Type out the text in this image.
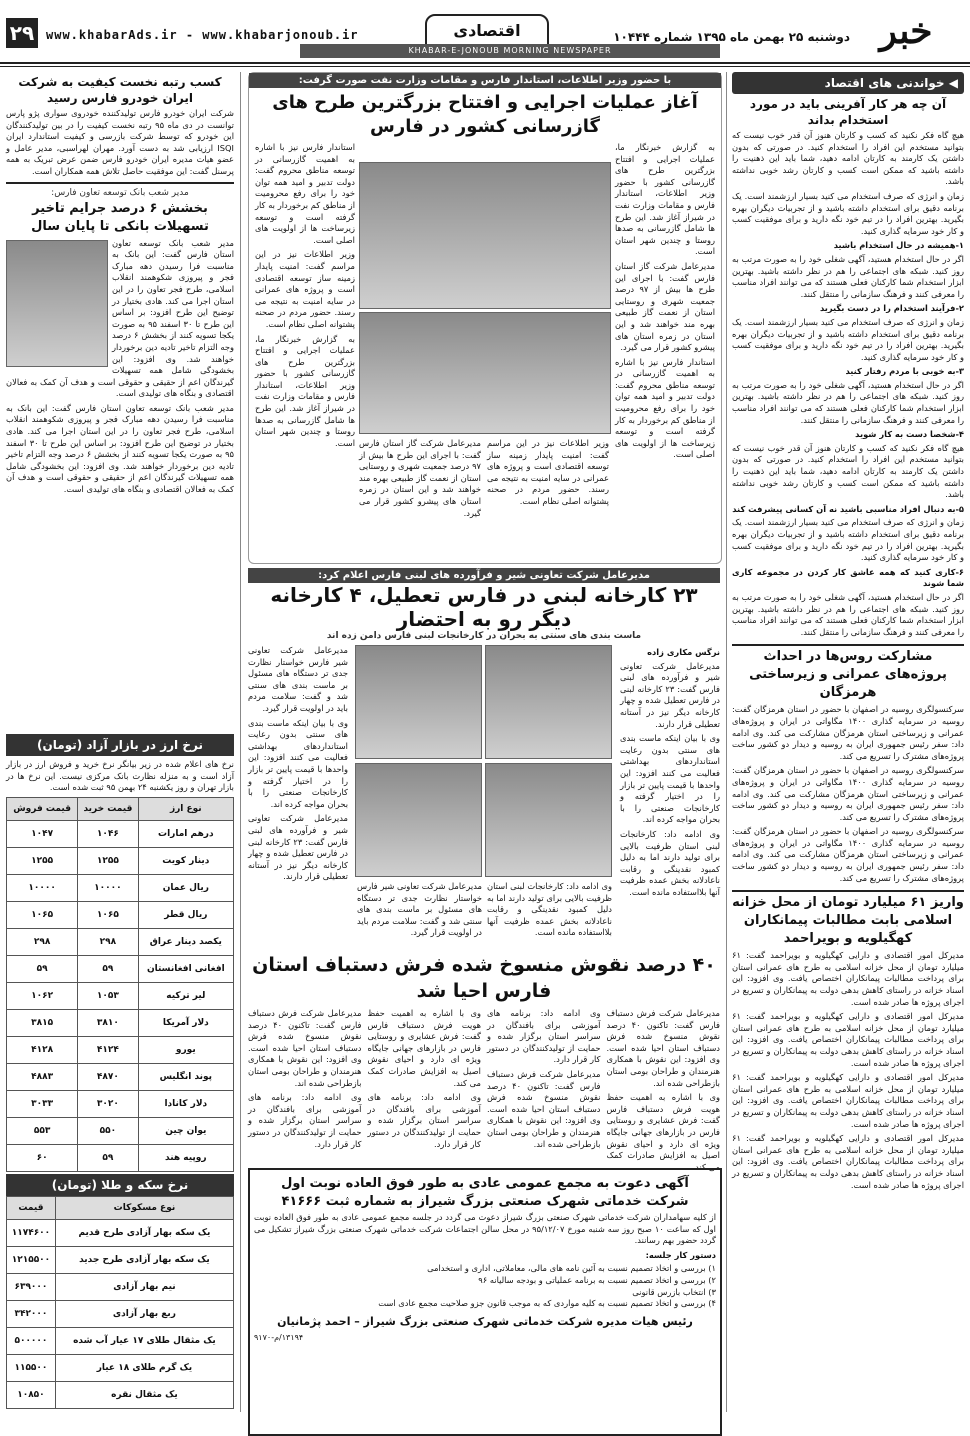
۲۹ www.khabarAds.ir - www.khabarjonoub.ir	اقتصادی
KHABAR-E-JONOUB MORNING NEWSPAPER
دوشنبه ۲۵ بهمن ماه ۱۳۹۵ شماره ۱۰۴۴۴ خبر
◀ خواندنی های اقتصاد
آن چه هر کار آفرینی باید در مورد استخدام بداند

هیچ گاه فکر نکنید که کسب و کارتان هنوز آن قدر خوب نیست که بتوانید مستخدم این افراد را استخدام کنید. در صورتی که بدون داشتن یک کارمند به کارتان ادامه دهید، شما باید این ذهنیت را داشته باشید که ممکن است کسب و کارتان رشد خوبی نداشته باشد.

زمان و انرژی که صرف استخدام می کنید بسیار ارزشمند است. یک برنامه دقیق برای استخدام داشته باشید و از تجربیات دیگران بهره بگیرید. بهترین افراد را در تیم خود نگه دارید و برای موفقیت کسب و کار خود سرمایه گذاری کنید.

۱-همیشه در حال استخدام باشید

اگر در حال استخدام هستید، آگهی شغلی خود را به صورت مرتب به روز کنید. شبکه های اجتماعی را هم در نظر داشته باشید. بهترین ابزار استخدام شما کارکنان فعلی هستند که می توانند افراد مناسب را معرفی کنند و فرهنگ سازمانی را منتقل کنند.

۲-فرآیند استخدام را در دست بگیرید

زمان و انرژی که صرف استخدام می کنید بسیار ارزشمند است. یک برنامه دقیق برای استخدام داشته باشید و از تجربیات دیگران بهره بگیرید. بهترین افراد را در تیم خود نگه دارید و برای موفقیت کسب و کار خود سرمایه گذاری کنید.

۳-به خوبی با مردم رفتار کنید

اگر در حال استخدام هستید، آگهی شغلی خود را به صورت مرتب به روز کنید. شبکه های اجتماعی را هم در نظر داشته باشید. بهترین ابزار استخدام شما کارکنان فعلی هستند که می توانند افراد مناسب را معرفی کنند و فرهنگ سازمانی را منتقل کنند.

۴-شخصا دست به کار شوید

هیچ گاه فکر نکنید که کسب و کارتان هنوز آن قدر خوب نیست که بتوانید مستخدم این افراد را استخدام کنید. در صورتی که بدون داشتن یک کارمند به کارتان ادامه دهید، شما باید این ذهنیت را داشته باشید که ممکن است کسب و کارتان رشد خوبی نداشته باشد.

۵-به دنبال افراد مناسبی باشید نه آن کسانی پیشرفت کند

زمان و انرژی که صرف استخدام می کنید بسیار ارزشمند است. یک برنامه دقیق برای استخدام داشته باشید و از تجربیات دیگران بهره بگیرید. بهترین افراد را در تیم خود نگه دارید و برای موفقیت کسب و کار خود سرمایه گذاری کنید.

۶-کاری کنید که همه عاشق کار کردن در مجموعه کاری شما شوند

اگر در حال استخدام هستید، آگهی شغلی خود را به صورت مرتب به روز کنید. شبکه های اجتماعی را هم در نظر داشته باشید. بهترین ابزار استخدام شما کارکنان فعلی هستند که می توانند افراد مناسب را معرفی کنند و فرهنگ سازمانی را منتقل کنند.

مشارکت روس‌ها در احداث پروژه‌های عمرانی و زیرساختی هرمزگان

سرکنسولگری روسیه در اصفهان با حضور در استان هرمزگان گفت: روسیه در سرمایه گذاری ۱۴۰۰ مگاواتی در ایران و پروژه‌های عمرانی و زیرساختی استان هرمزگان مشارکت می کند. وی ادامه داد: سفر رئیس جمهوری ایران به روسیه و دیدار دو کشور ساخت پروژه‌های مشترک را تسریع می کند.

سرکنسولگری روسیه در اصفهان با حضور در استان هرمزگان گفت: روسیه در سرمایه گذاری ۱۴۰۰ مگاواتی در ایران و پروژه‌های عمرانی و زیرساختی استان هرمزگان مشارکت می کند. وی ادامه داد: سفر رئیس جمهوری ایران به روسیه و دیدار دو کشور ساخت پروژه‌های مشترک را تسریع می کند.

سرکنسولگری روسیه در اصفهان با حضور در استان هرمزگان گفت: روسیه در سرمایه گذاری ۱۴۰۰ مگاواتی در ایران و پروژه‌های عمرانی و زیرساختی استان هرمزگان مشارکت می کند. وی ادامه داد: سفر رئیس جمهوری ایران به روسیه و دیدار دو کشور ساخت پروژه‌های مشترک را تسریع می کند.

واریز ۶۱ میلیارد تومان از محل خزانه اسلامی بابت مطالبات پیمانکاران کهگیلویه و بویراحمد

مدیرکل امور اقتصادی و دارایی کهگیلویه و بویراحمد گفت: ۶۱ میلیارد تومان از محل خزانه اسلامی به طرح های عمرانی استان برای پرداخت مطالبات پیمانکاران اختصاص یافت. وی افزود: این اسناد خزانه در راستای کاهش بدهی دولت به پیمانکاران و تسریع در اجرای پروژه ها صادر شده است.

مدیرکل امور اقتصادی و دارایی کهگیلویه و بویراحمد گفت: ۶۱ میلیارد تومان از محل خزانه اسلامی به طرح های عمرانی استان برای پرداخت مطالبات پیمانکاران اختصاص یافت. وی افزود: این اسناد خزانه در راستای کاهش بدهی دولت به پیمانکاران و تسریع در اجرای پروژه ها صادر شده است.

مدیرکل امور اقتصادی و دارایی کهگیلویه و بویراحمد گفت: ۶۱ میلیارد تومان از محل خزانه اسلامی به طرح های عمرانی استان برای پرداخت مطالبات پیمانکاران اختصاص یافت. وی افزود: این اسناد خزانه در راستای کاهش بدهی دولت به پیمانکاران و تسریع در اجرای پروژه ها صادر شده است.

مدیرکل امور اقتصادی و دارایی کهگیلویه و بویراحمد گفت: ۶۱ میلیارد تومان از محل خزانه اسلامی به طرح های عمرانی استان برای پرداخت مطالبات پیمانکاران اختصاص یافت. وی افزود: این اسناد خزانه در راستای کاهش بدهی دولت به پیمانکاران و تسریع در اجرای پروژه ها صادر شده است.

با حضور وزیر اطلاعات، استاندار فارس و مقامات وزارت نفت صورت گرفت:
آغاز عملیات اجرایی و افتتاح بزرگترین طرح های گازرسانی کشور در فارس

به گزارش خبرنگار ما، عملیات اجرایی و افتتاح بزرگترین طرح های گازرسانی کشور با حضور وزیر اطلاعات، استاندار فارس و مقامات وزارت نفت در شیراز آغاز شد. این طرح ها شامل گازرسانی به صدها روستا و چندین شهر استان است.

مدیرعامل شرکت گاز استان فارس گفت: با اجرای این طرح ها بیش از ۹۷ درصد جمعیت شهری و روستایی استان از نعمت گاز طبیعی بهره مند خواهند شد و این استان در زمره استان های پیشرو کشور قرار می گیرد.

استاندار فارس نیز با اشاره به اهمیت گازرسانی در توسعه مناطق محروم گفت: دولت تدبیر و امید همه توان خود را برای رفع محرومیت از مناطق کم برخوردار به کار گرفته است و توسعه زیرساخت ها از اولویت های اصلی است.

استاندار فارس نیز با اشاره به اهمیت گازرسانی در توسعه مناطق محروم گفت: دولت تدبیر و امید همه توان خود را برای رفع محرومیت از مناطق کم برخوردار به کار گرفته است و توسعه زیرساخت ها از اولویت های اصلی است.

وزیر اطلاعات نیز در این مراسم گفت: امنیت پایدار زمینه ساز توسعه اقتصادی است و پروژه های عمرانی در سایه امنیت به نتیجه می رسند. حضور مردم در صحنه پشتوانه اصلی نظام است.

به گزارش خبرنگار ما، عملیات اجرایی و افتتاح بزرگترین طرح های گازرسانی کشور با حضور وزیر اطلاعات، استاندار فارس و مقامات وزارت نفت در شیراز آغاز شد. این طرح ها شامل گازرسانی به صدها روستا و چندین شهر استان است. مدیرعامل شرکت گاز استان فارس گفت: با اجرای این طرح ها بیش از ۹۷ درصد جمعیت شهری و روستایی استان از نعمت گاز طبیعی بهره مند خواهند شد و این استان در زمره استان های پیشرو کشور قرار می گیرد.

وزیر اطلاعات نیز در این مراسم گفت: امنیت پایدار زمینه ساز توسعه اقتصادی است و پروژه های عمرانی در سایه امنیت به نتیجه می رسند. حضور مردم در صحنه پشتوانه اصلی نظام است.

مدیرعامل شرکت تعاونی شیر و فرآورده های لبنی فارس اعلام کرد:
۲۳ کارخانه لبنی در فارس تعطیل، ۴ کارخانه دیگر رو به احتضار
ماست بندی های سنتی به بحران در کارخانجات لبنی فارس دامن زده اند
نرگس مکاری زاده

مدیرعامل شرکت تعاونی شیر و فرآورده های لبنی فارس گفت: ۲۳ کارخانه لبنی در فارس تعطیل شده و چهار کارخانه دیگر نیز در آستانه تعطیلی قرار دارند.

وی با بیان اینکه ماست بندی های سنتی بدون رعایت استانداردهای بهداشتی فعالیت می کنند افزود: این واحدها با قیمت پایین تر بازار را در اختیار گرفته و کارخانجات صنعتی را با بحران مواجه کرده اند.

وی ادامه داد: کارخانجات لبنی استان ظرفیت بالایی برای تولید دارند اما به دلیل کمبود نقدینگی و رقابت ناعادلانه بخش عمده ظرفیت آنها بلااستفاده مانده است.

مدیرعامل شرکت تعاونی شیر فارس خواستار نظارت جدی تر دستگاه های مسئول بر ماست بندی های سنتی شد و گفت: سلامت مردم باید در اولویت قرار گیرد.

وی با بیان اینکه ماست بندی های سنتی بدون رعایت استانداردهای بهداشتی فعالیت می کنند افزود: این واحدها با قیمت پایین تر بازار را در اختیار گرفته و کارخانجات صنعتی را با بحران مواجه کرده اند.

مدیرعامل شرکت تعاونی شیر و فرآورده های لبنی فارس گفت: ۲۳ کارخانه لبنی در فارس تعطیل شده و چهار کارخانه دیگر نیز در آستانه تعطیلی قرار دارند.

وی ادامه داد: کارخانجات لبنی استان ظرفیت بالایی برای تولید دارند اما به دلیل کمبود نقدینگی و رقابت ناعادلانه بخش عمده ظرفیت آنها بلااستفاده مانده است.

مدیرعامل شرکت تعاونی شیر فارس خواستار نظارت جدی تر دستگاه های مسئول بر ماست بندی های سنتی شد و گفت: سلامت مردم باید در اولویت قرار گیرد.

۴۰ درصد نقوش منسوخ شده فرش دستباف استان فارس احیا شد

مدیرعامل شرکت فرش دستباف فارس گفت: تاکنون ۴۰ درصد نقوش منسوخ شده فرش دستباف استان احیا شده است. وی افزود: این نقوش با همکاری هنرمندان و طراحان بومی استان بازطراحی شده اند.

وی با اشاره به اهمیت حفظ هویت فرش دستباف فارس گفت: فرش عشایری و روستایی فارس در بازارهای جهانی جایگاه ویژه ای دارد و احیای نقوش اصیل به افزایش صادرات کمک می کند.

وی ادامه داد: برنامه های آموزشی برای بافندگان در سراسر استان برگزار شده و حمایت از تولیدکنندگان در دستور کار قرار دارد.

مدیرعامل شرکت فرش دستباف فارس گفت: تاکنون ۴۰ درصد نقوش منسوخ شده فرش دستباف استان احیا شده است. وی افزود: این نقوش با همکاری هنرمندان و طراحان بومی استان بازطراحی شده اند.

وی با اشاره به اهمیت حفظ هویت فرش دستباف فارس گفت: فرش عشایری و روستایی فارس در بازارهای جهانی جایگاه ویژه ای دارد و احیای نقوش اصیل به افزایش صادرات کمک می کند.

وی ادامه داد: برنامه های آموزشی برای بافندگان در سراسر استان برگزار شده و حمایت از تولیدکنندگان در دستور کار قرار دارد.

مدیرعامل شرکت فرش دستباف فارس گفت: تاکنون ۴۰ درصد نقوش منسوخ شده فرش دستباف استان احیا شده است. وی افزود: این نقوش با همکاری هنرمندان و طراحان بومی استان بازطراحی شده اند.

وی ادامه داد: برنامه های آموزشی برای بافندگان در سراسر استان برگزار شده و حمایت از تولیدکنندگان در دستور کار قرار دارد.

آگهی دعوت به مجمع عمومی عادی به طور فوق العاده نوبت اول
شرکت خدماتی شهرک صنعتی بزرگ شیراز به شماره ثبت ۴۱۶۶۶

از کلیه سهامداران شرکت خدماتی شهرک صنعتی بزرگ شیراز دعوت می گردد در جلسه مجمع عمومی عادی به طور فوق العاده نوبت اول که ساعت ۱۰ صبح روز سه شنبه مورخ ۹۵/۱۲/۰۷ در محل سالن اجتماعات شرکت خدماتی شهرک صنعتی بزرگ شیراز تشکیل می گردد حضور بهم رسانند.

دستور کار جلسه:
۱) بررسی و اتخاذ تصمیم نسبت به آئین نامه های مالی، معاملاتی، اداری و استخدامی
۲) بررسی و اتخاذ تصمیم نسبت به برنامه عملیاتی و بودجه سالیانه ۹۶
۳) انتخاب بازرس قانونی
۴) بررسی و اتخاذ تصمیم نسبت به کلیه مواردی که به موجب قانون جزو صلاحیت مجمع عادی است
رئیس هیات مدیره شرکت خدماتی شهرک صنعتی بزرگ شیراز – احمد پژمانیان
۱۳۱۹۴/م-۹۱۷۰
کسب رتبه نخست کیفیت به شرکت ایران خودرو فارس رسید

شرکت ایران خودرو فارس تولیدکننده خودروی سواری پژو پارس توانست در دی ماه ۹۵ رتبه نخست کیفیت را در بین تولیدکنندگان این خودرو که توسط شرکت بازرسی و کیفیت استاندارد ایران ISQI ارزیابی شد به دست آورد. مهران لهراسبی، مدیر عامل و عضو هیات مدیره ایران خودرو فارس ضمن عرض تبریک به همه پرسنل گفت: این موفقیت حاصل تلاش همه همکاران است.

مدیر شعب بانک توسعه تعاون فارس:
بخشش ۶ درصد جرایم تاخیر تسهیلات بانکی تا پایان سال

مدیر شعب بانک توسعه تعاون استان فارس گفت: این بانک به مناسبت فرا رسیدن دهه مبارک فجر و پیروزی شکوهمند انقلاب اسلامی، طرح فجر تعاون را در این استان اجرا می کند. هادی بختیار در توضیح این طرح افزود: بر اساس این طرح تا ۳۰ اسفند ۹۵ به صورت یکجا تسویه کنند از بخشش ۶ درصد وجه التزام تاخیر تادیه دین برخوردار خواهند شد. وی افزود: این بخشودگی شامل همه تسهیلات گیرندگان اعم از حقیقی و حقوقی است و هدف آن کمک به فعالان اقتصادی و بنگاه های تولیدی است.

مدیر شعب بانک توسعه تعاون استان فارس گفت: این بانک به مناسبت فرا رسیدن دهه مبارک فجر و پیروزی شکوهمند انقلاب اسلامی، طرح فجر تعاون را در این استان اجرا می کند. هادی بختیار در توضیح این طرح افزود: بر اساس این طرح تا ۳۰ اسفند ۹۵ به صورت یکجا تسویه کنند از بخشش ۶ درصد وجه التزام تاخیر تادیه دین برخوردار خواهند شد. وی افزود: این بخشودگی شامل همه تسهیلات گیرندگان اعم از حقیقی و حقوقی است و هدف آن کمک به فعالان اقتصادی و بنگاه های تولیدی است.

نرخ ارز در بازار آزاد (تومان)

نرخ های اعلام شده در زیر بیانگر نرخ خرید و فروش ارز در بازار آزاد است و به منزله نظارت بانک مرکزی نیست. این نرخ ها در بازار تهران و روز یکشنبه ۲۴ بهمن ۹۵ ثبت شده است.

نوع ارز	قیمت خرید	قیمت فروش
درهم امارات	۱۰۴۶	۱۰۴۷
دینار کویت	۱۲۵۵	۱۲۵۵
ریال عمان	۱۰۰۰۰	۱۰۰۰۰
ریال قطر	۱۰۶۵	۱۰۶۵
یکصد دینار عراق	۲۹۸	۲۹۸
افغانی افغانستان	۵۹	۵۹
لیر ترکیه	۱۰۵۳	۱۰۶۲
دلار آمریکا	۳۸۱۰	۳۸۱۵
یورو	۴۱۲۴	۴۱۲۸
پوند انگلیس	۴۸۷۰	۴۸۸۳
دلار کانادا	۳۰۲۰	۳۰۳۳
یوان چین	۵۵۰	۵۵۳
روپیه هند	۵۹	۶۰
نرخ سکه و طلا (تومان)
نوع مسکوکات	قیمت
یک سکه بهار آزادی طرح قدیم	۱۱۷۴۶۰۰
یک سکه بهار آزادی طرح جدید	۱۲۱۵۵۰۰
نیم بهار آزادی	۶۳۹۰۰۰
ربع بهار آزادی	۳۴۲۰۰۰
یک مثقال طلای ۱۷ عیار آب شده	۵۰۰۰۰۰
یک گرم طلای ۱۸ عیار	۱۱۵۵۰۰
یک مثقال نقره	۱۰۸۵۰
